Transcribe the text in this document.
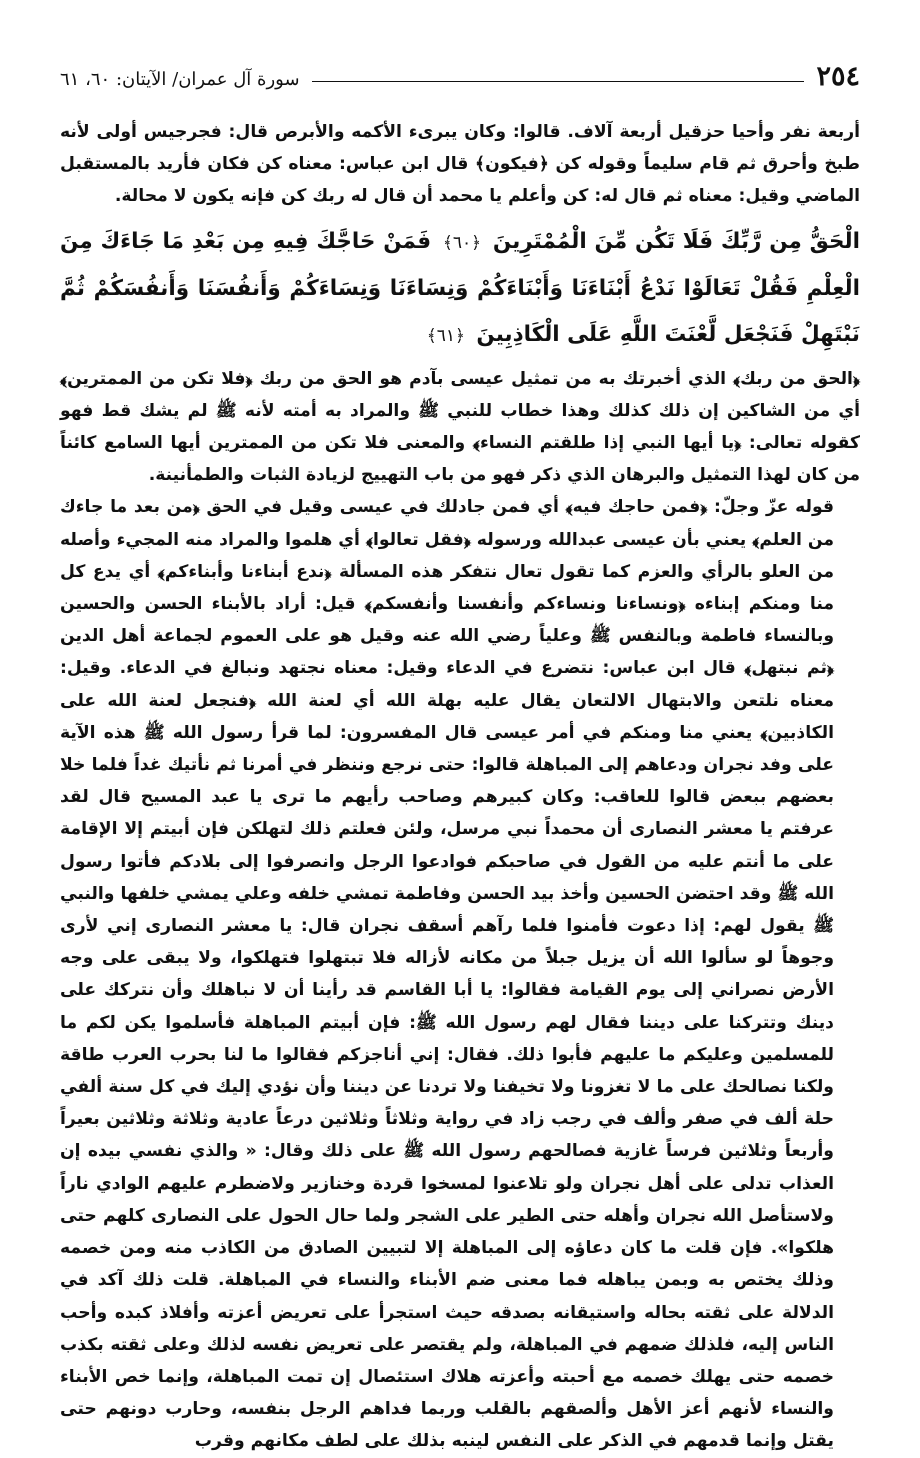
٢٥٤
سورة آل عمران/ الآيتان: ٦٠، ٦١

أربعة نفر وأحيا حزقيل أربعة آلاف. قالوا: وكان يبرىء الأكمه والأبرص قال: فجرجيس أولى لأنه طبخ وأحرق ثم قام سليماً وقوله كن ﴿فيكون﴾ قال ابن عباس: معناه كن فكان فأريد بالمستقبل الماضي وقيل: معناه ثم قال له: كن وأعلم يا محمد أن قال له ربك كن فإنه يكون لا محالة.

الْحَقُّ مِن رَّبِّكَ فَلَا تَكُن مِّنَ الْمُمْتَرِينَ ﴿٦٠﴾ فَمَنْ حَاجَّكَ فِيهِ مِن بَعْدِ مَا جَاءَكَ مِنَ الْعِلْمِ فَقُلْ تَعَالَوْا نَدْعُ أَبْنَاءَنَا وَأَبْنَاءَكُمْ وَنِسَاءَنَا وَنِسَاءَكُمْ وَأَنفُسَنَا وَأَنفُسَكُمْ ثُمَّ نَبْتَهِلْ فَنَجْعَل لَّعْنَتَ اللَّهِ عَلَى الْكَاذِبِينَ ﴿٦١﴾

﴿الحق من ربك﴾ الذي أخبرتك به من تمثيل عيسى بآدم هو الحق من ربك ﴿فلا تكن من الممترين﴾ أي من الشاكين إن ذلك كذلك وهذا خطاب للنبي ﷺ والمراد به أمته لأنه ﷺ لم يشك قط فهو كقوله تعالى: ﴿يا أيها النبي إذا طلقتم النساء﴾ والمعنى فلا تكن من الممترين أيها السامع كائناً من كان لهذا التمثيل والبرهان الذي ذكر فهو من باب التهييج لزيادة الثبات والطمأنينة.

قوله عزّ وجلّ: ﴿فمن حاجك فيه﴾ أي فمن جادلك في عيسى وقيل في الحق ﴿من بعد ما جاءك من العلم﴾ يعني بأن عيسى عبدالله ورسوله ﴿فقل تعالوا﴾ أي هلموا والمراد منه المجيء وأصله من العلو بالرأي والعزم كما تقول تعال نتفكر هذه المسألة ﴿ندع أبناءنا وأبناءكم﴾ أي يدع كل منا ومنكم إبناءه ﴿ونساءنا ونساءكم وأنفسنا وأنفسكم﴾ قيل: أراد بالأبناء الحسن والحسين وبالنساء فاطمة وبالنفس ﷺ وعلياً رضي الله عنه وقيل هو على العموم لجماعة أهل الدين ﴿ثم نبتهل﴾ قال ابن عباس: نتضرع في الدعاء وقيل: معناه نجتهد ونبالغ في الدعاء. وقيل: معناه نلتعن والابتهال الالتعان يقال عليه بهلة الله أي لعنة الله ﴿فنجعل لعنة الله على الكاذبين﴾ يعني منا ومنكم في أمر عيسى قال المفسرون: لما قرأ رسول الله ﷺ هذه الآية على وفد نجران ودعاهم إلى المباهلة قالوا: حتى نرجع وننظر في أمرنا ثم نأتيك غداً فلما خلا بعضهم ببعض قالوا للعاقب: وكان كبيرهم وصاحب رأيهم ما ترى يا عبد المسيح قال لقد عرفتم يا معشر النصارى أن محمداً نبي مرسل، ولئن فعلتم ذلك لتهلكن فإن أبيتم إلا الإقامة على ما أنتم عليه من القول في صاحبكم فوادعوا الرجل وانصرفوا إلى بلادكم فأتوا رسول الله ﷺ وقد احتضن الحسين وأخذ بيد الحسن وفاطمة تمشي خلفه وعلي يمشي خلفها والنبي ﷺ يقول لهم: إذا دعوت فأمنوا فلما رآهم أسقف نجران قال: يا معشر النصارى إني لأرى وجوهاً لو سألوا الله أن يزيل جبلاً من مكانه لأزاله فلا تبتهلوا فتهلكوا، ولا يبقى على وجه الأرض نصراني إلى يوم القيامة فقالوا: يا أبا القاسم قد رأينا أن لا نباهلك وأن نتركك على دينك وتتركنا على ديننا فقال لهم رسول الله ﷺ: فإن أبيتم المباهلة فأسلموا يكن لكم ما للمسلمين وعليكم ما عليهم فأبوا ذلك. فقال: إني أناجزكم فقالوا ما لنا بحرب العرب طاقة ولكنا نصالحك على ما لا تغزونا ولا تخيفنا ولا تردنا عن ديننا وأن نؤدي إليك في كل سنة ألفي حلة ألف في صفر وألف في رجب زاد في رواية وثلاثاً وثلاثين درعاً عادية وثلاثة وثلاثين بعيراً وأربعاً وثلاثين فرساً غازية فصالحهم رسول الله ﷺ على ذلك وقال: « والذي نفسي بيده إن العذاب تدلى على أهل نجران ولو تلاعنوا لمسخوا قردة وخنازير ولاضطرم عليهم الوادي ناراً ولاستأصل الله نجران وأهله حتى الطير على الشجر ولما حال الحول على النصارى كلهم حتى هلكوا». فإن قلت ما كان دعاؤه إلى المباهلة إلا لتبيين الصادق من الكاذب منه ومن خصمه وذلك يختص به وبمن يباهله فما معنى ضم الأبناء والنساء في المباهلة. قلت ذلك آكد في الدلالة على ثقته بحاله واستيقانه بصدقه حيث استجرأ على تعريض أعزته وأفلاذ كبده وأحب الناس إليه، فلذلك ضمهم في المباهلة، ولم يقتصر على تعريض نفسه لذلك وعلى ثقته بكذب خصمه حتى يهلك خصمه مع أحبته وأعزته هلاك استئصال إن تمت المباهلة، وإنما خص الأبناء والنساء لأنهم أعز الأهل وألصقهم بالقلب وربما فداهم الرجل بنفسه، وحارب دونهم حتى يقتل وإنما قدمهم في الذكر على النفس لينبه بذلك على لطف مكانهم وقرب
